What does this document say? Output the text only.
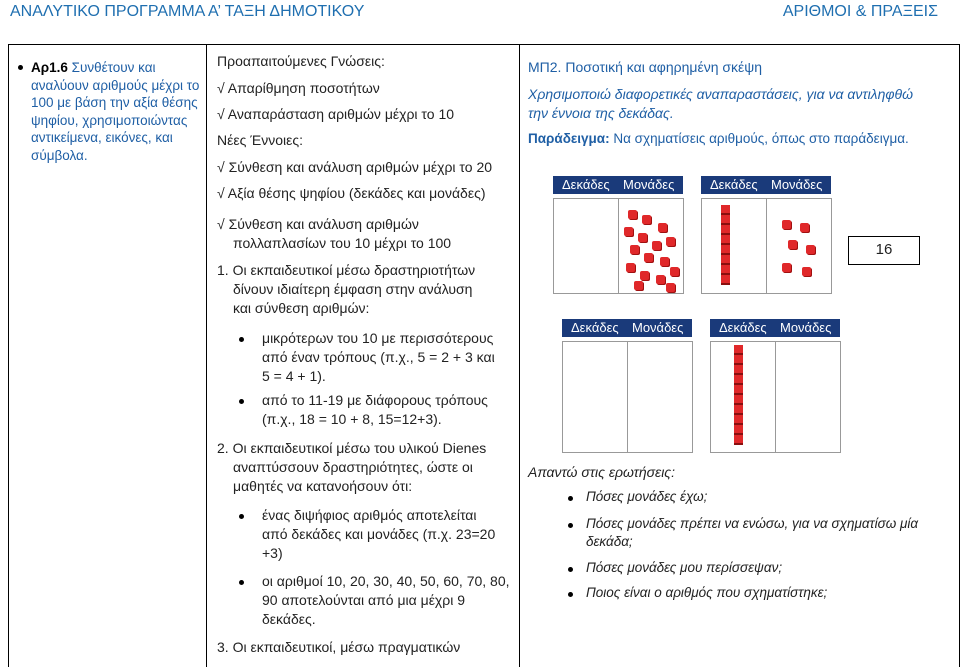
ΑΝΑΛΥΤΙΚΟ ΠΡΟΓΡΑΜΜΑ Α’ ΤΑΞΗ ΔΗΜΟΤΙΚΟΥ	ΑΡΙΘΜΟΙ & ΠΡΑΞΕΙΣ
Αρ1.6 Συνθέτουν και αναλύουν αριθμούς μέχρι το 100 με βάση την αξία θέσης ψηφίου, χρησιμοποιώντας αντικείμενα, εικόνες, και σύμβολα.
Προαπαιτούμενες Γνώσεις:
√ Απαρίθμηση ποσοτήτων
√ Αναπαράσταση αριθμών μέχρι το 10
Νέες Έννοιες:
√ Σύνθεση και ανάλυση αριθμών μέχρι το 20
√ Αξία θέσης ψηφίου (δεκάδες και μονάδες)
√ Σύνθεση και ανάλυση αριθμών
πολλαπλασίων του 10 μέχρι το 100
1. Οι εκπαιδευτικοί μέσω δραστηριοτήτων
δίνουν ιδιαίτερη έμφαση στην ανάλυση
και σύνθεση αριθμών:
μικρότερων του 10 με περισσότερους
από έναν τρόπους (π.χ., 5 = 2 + 3 και
5 = 4 + 1).
από το 11-19 με διάφορους τρόπους
(π.χ., 18 = 10 + 8, 15=12+3).
2. Οι εκπαιδευτικοί μέσω του υλικού Dienes
αναπτύσσουν δραστηριότητες, ώστε οι
μαθητές να κατανοήσουν ότι:
ένας διψήφιος αριθμός αποτελείται
από δεκάδες και μονάδες (π.χ. 23=20
+3)
οι αριθμοί 10, 20, 30, 40, 50, 60, 70, 80,
90 αποτελούνται από μια μέχρι 9
δεκάδες.
3. Οι εκπαιδευτικοί, μέσω πραγματικών
ΜΠ2. Ποσοτική και αφηρημένη σκέψη
Χρησιμοποιώ διαφορετικές αναπαραστάσεις, για να αντιληφθώ
την έννοια της δεκάδας.
Παράδειγμα: Να σχηματίσεις αριθμούς, όπως στο παράδειγμα.
Δεκάδες Μονάδες	Δεκάδες Μονάδες
16
Δεκάδες Μονάδες	Δεκάδες Μονάδες
Απαντώ στις ερωτήσεις:
Πόσες μονάδες έχω;
Πόσες μονάδες πρέπει να ενώσω, για να σχηματίσω μία
δεκάδα;
Πόσες μονάδες μου περίσσεψαν;
Ποιος είναι ο αριθμός που σχηματίστηκε;
